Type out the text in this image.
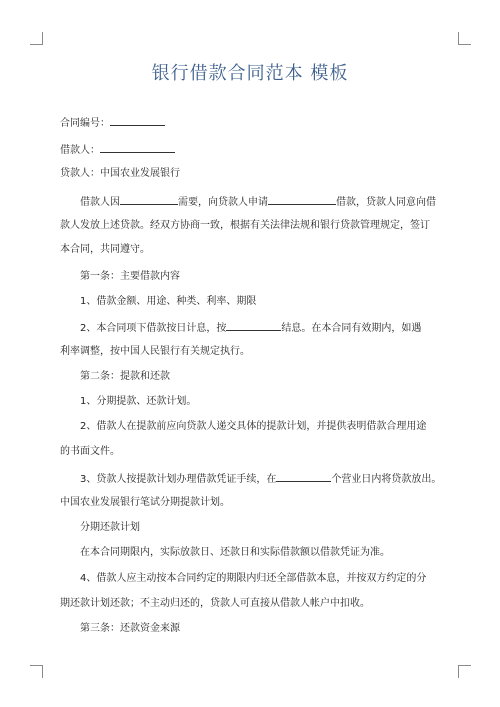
银行借款合同范本 模板
合同编号：
借款人：
贷款人：中国农业发展银行
借款人因	需要，向贷款人申请	借款，贷款人同意向借
款人发放上述贷款。经双方协商一致，根据有关法律法规和银行贷款管理规定，签订
本合同，共同遵守。
第一条：主要借款内容
1、借款金额、用途、种类、利率、期限
2、本合同项下借款按日计息，按	结息。在本合同有效期内，如遇
利率调整，按中国人民银行有关规定执行。
第二条：提款和还款
1、分期提款、还款计划。
2、借款人在提款前应向贷款人递交具体的提款计划，并提供表明借款合理用途
的书面文件。
3、贷款人按提款计划办理借款凭证手续，在	个营业日内将贷款放出。
中国农业发展银行笔试分期提款计划。
分期还款计划
在本合同期限内，实际放款日、还款日和实际借款额以借款凭证为准。
4、借款人应主动按本合同约定的期限内归还全部借款本息，并按双方约定的分
期还款计划还款；不主动归还的，贷款人可直接从借款人帐户中扣收。
第三条：还款资金来源
